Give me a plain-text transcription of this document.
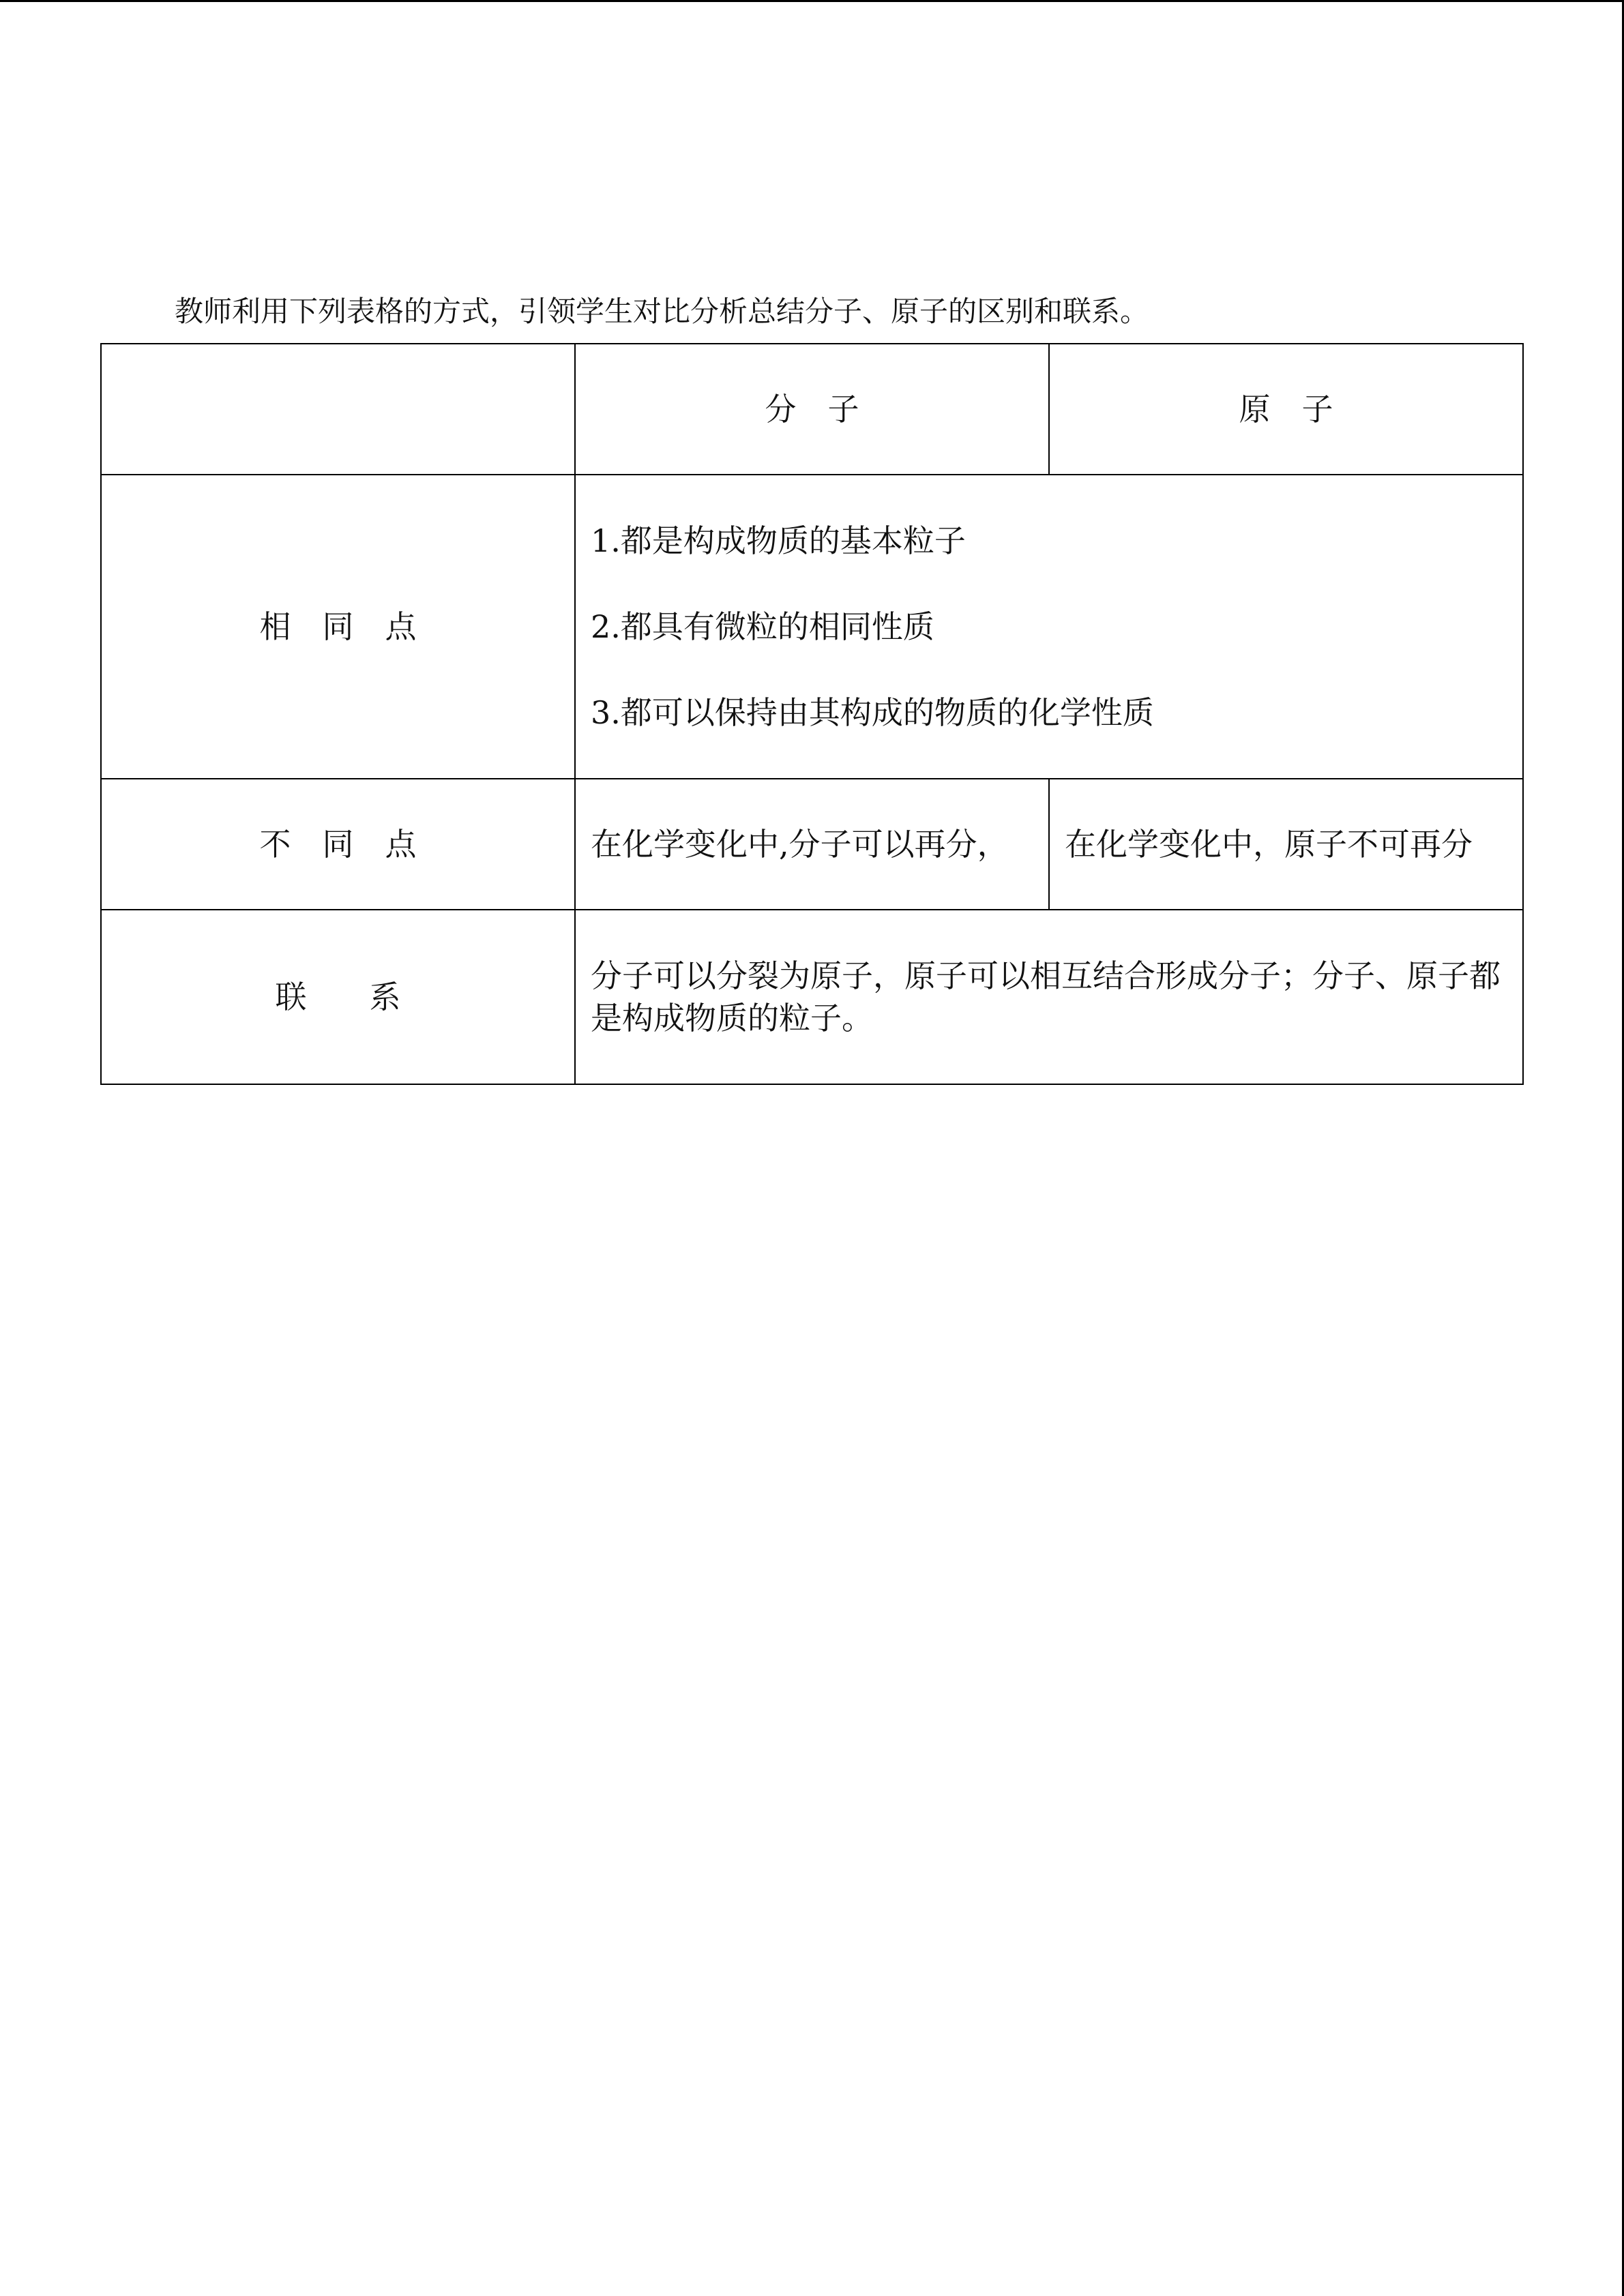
教师利用下列表格的方式，引领学生对比分析总结分子、原子的区别和联系。

	分　子	原　子
相　同　点	1.都是构成物质的基本粒子
2.都具有微粒的相同性质
3.都可以保持由其构成的物质的化学性质	

不　同　点	在化学变化中,分子可以再分，	在化学变化中，原子不可再分
联　　系	分子可以分裂为原子，原子可以相互结合形成分子；分子、原子都是构成物质的粒子。	
